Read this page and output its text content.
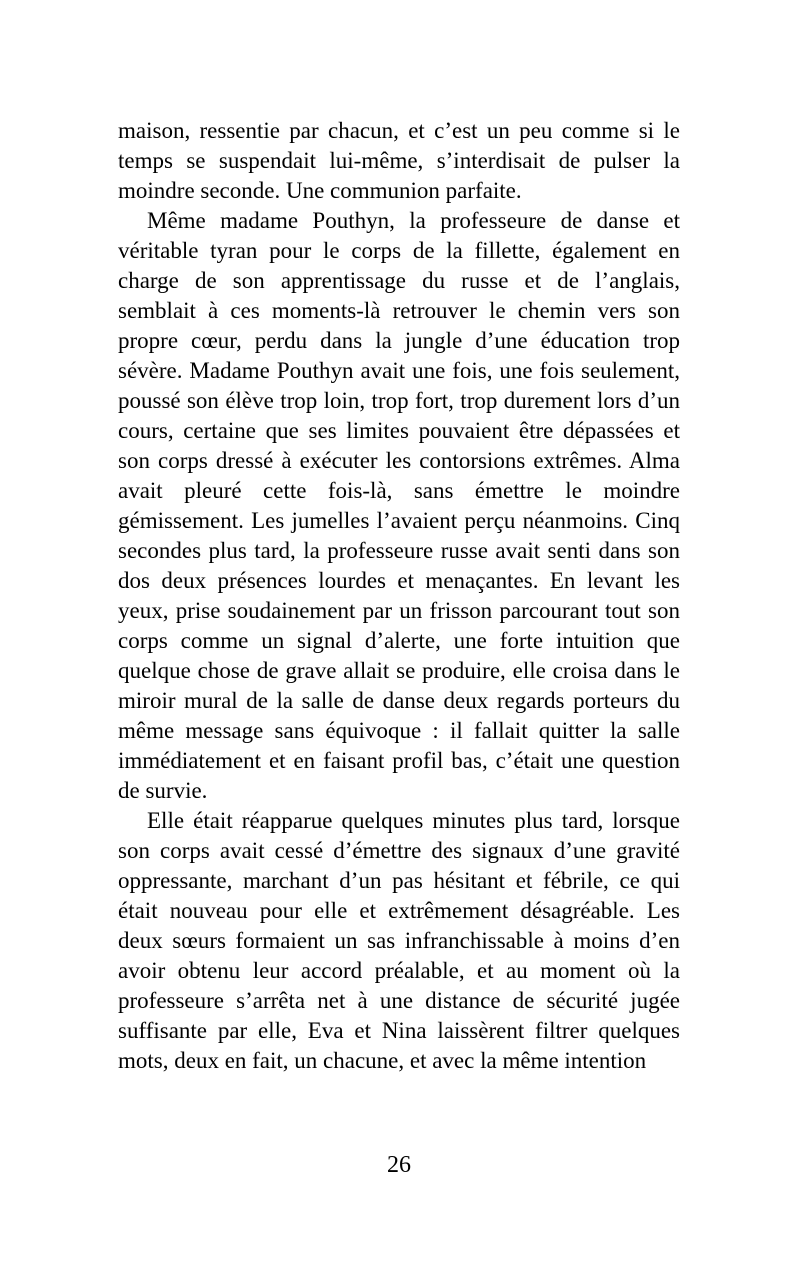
maison, ressentie par chacun, et c’est un peu comme si le temps se suspendait lui-même, s’interdisait de pulser la moindre seconde. Une communion parfaite.

Même madame Pouthyn, la professeure de danse et véritable tyran pour le corps de la fillette, également en charge de son apprentissage du russe et de l’anglais, semblait à ces moments-là retrouver le chemin vers son propre cœur, perdu dans la jungle d’une éducation trop sévère. Madame Pouthyn avait une fois, une fois seulement, poussé son élève trop loin, trop fort, trop durement lors d’un cours, certaine que ses limites pouvaient être dépassées et son corps dressé à exécuter les contorsions extrêmes. Alma avait pleuré cette fois-là, sans émettre le moindre gémissement. Les jumelles l’avaient perçu néanmoins. Cinq secondes plus tard, la professeure russe avait senti dans son dos deux présences lourdes et menaçantes. En levant les yeux, prise soudainement par un frisson parcourant tout son corps comme un signal d’alerte, une forte intuition que quelque chose de grave allait se produire, elle croisa dans le miroir mural de la salle de danse deux regards porteurs du même message sans équivoque : il fallait quitter la salle immédiatement et en faisant profil bas, c’était une question de survie.

Elle était réapparue quelques minutes plus tard, lorsque son corps avait cessé d’émettre des signaux d’une gravité oppressante, marchant d’un pas hésitant et fébrile, ce qui était nouveau pour elle et extrêmement désagréable. Les deux sœurs formaient un sas infranchissable à moins d’en avoir obtenu leur accord préalable, et au moment où la professeure s’arrêta net à une distance de sécurité jugée suffisante par elle, Eva et Nina laissèrent filtrer quelques mots, deux en fait, un chacune, et avec la même intention

26
